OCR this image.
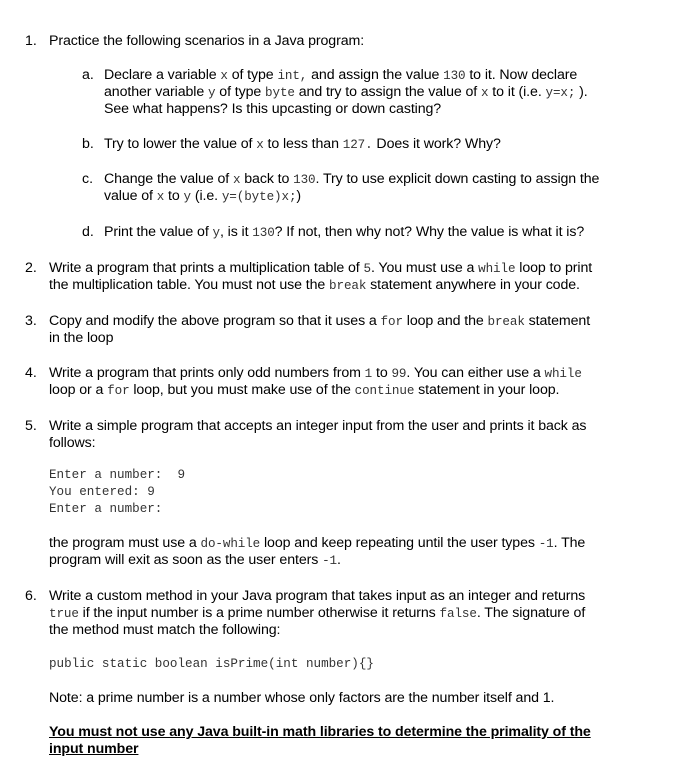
1. Practice the following scenarios in a Java program:
a. Declare a variable x of type int, and assign the value 130 to it. Now declare
another variable y of type byte and try to assign the value of x to it (i.e. y=x; ).
See what happens? Is this upcasting or down casting?
b. Try to lower the value of x to less than 127. Does it work? Why?
c. Change the value of x back to 130. Try to use explicit down casting to assign the
value of x to y (i.e. y=(byte)x;)
d. Print the value of y, is it 130? If not, then why not? Why the value is what it is?
2. Write a program that prints a multiplication table of 5. You must use a while loop to print
the multiplication table. You must not use the break statement anywhere in your code.
3. Copy and modify the above program so that it uses a for loop and the break statement
in the loop
4. Write a program that prints only odd numbers from 1 to 99. You can either use a while
loop or a for loop, but you must make use of the continue statement in your loop.
5. Write a simple program that accepts an integer input from the user and prints it back as
follows:
Enter a number:  9
You entered: 9
Enter a number:
the program must use a do-while loop and keep repeating until the user types -1. The
program will exit as soon as the user enters -1.
6. Write a custom method in your Java program that takes input as an integer and returns
true if the input number is a prime number otherwise it returns false. The signature of
the method must match the following:
public static boolean isPrime(int number){}
Note: a prime number is a number whose only factors are the number itself and 1.
You must not use any Java built-in math libraries to determine the primality of the
input number
